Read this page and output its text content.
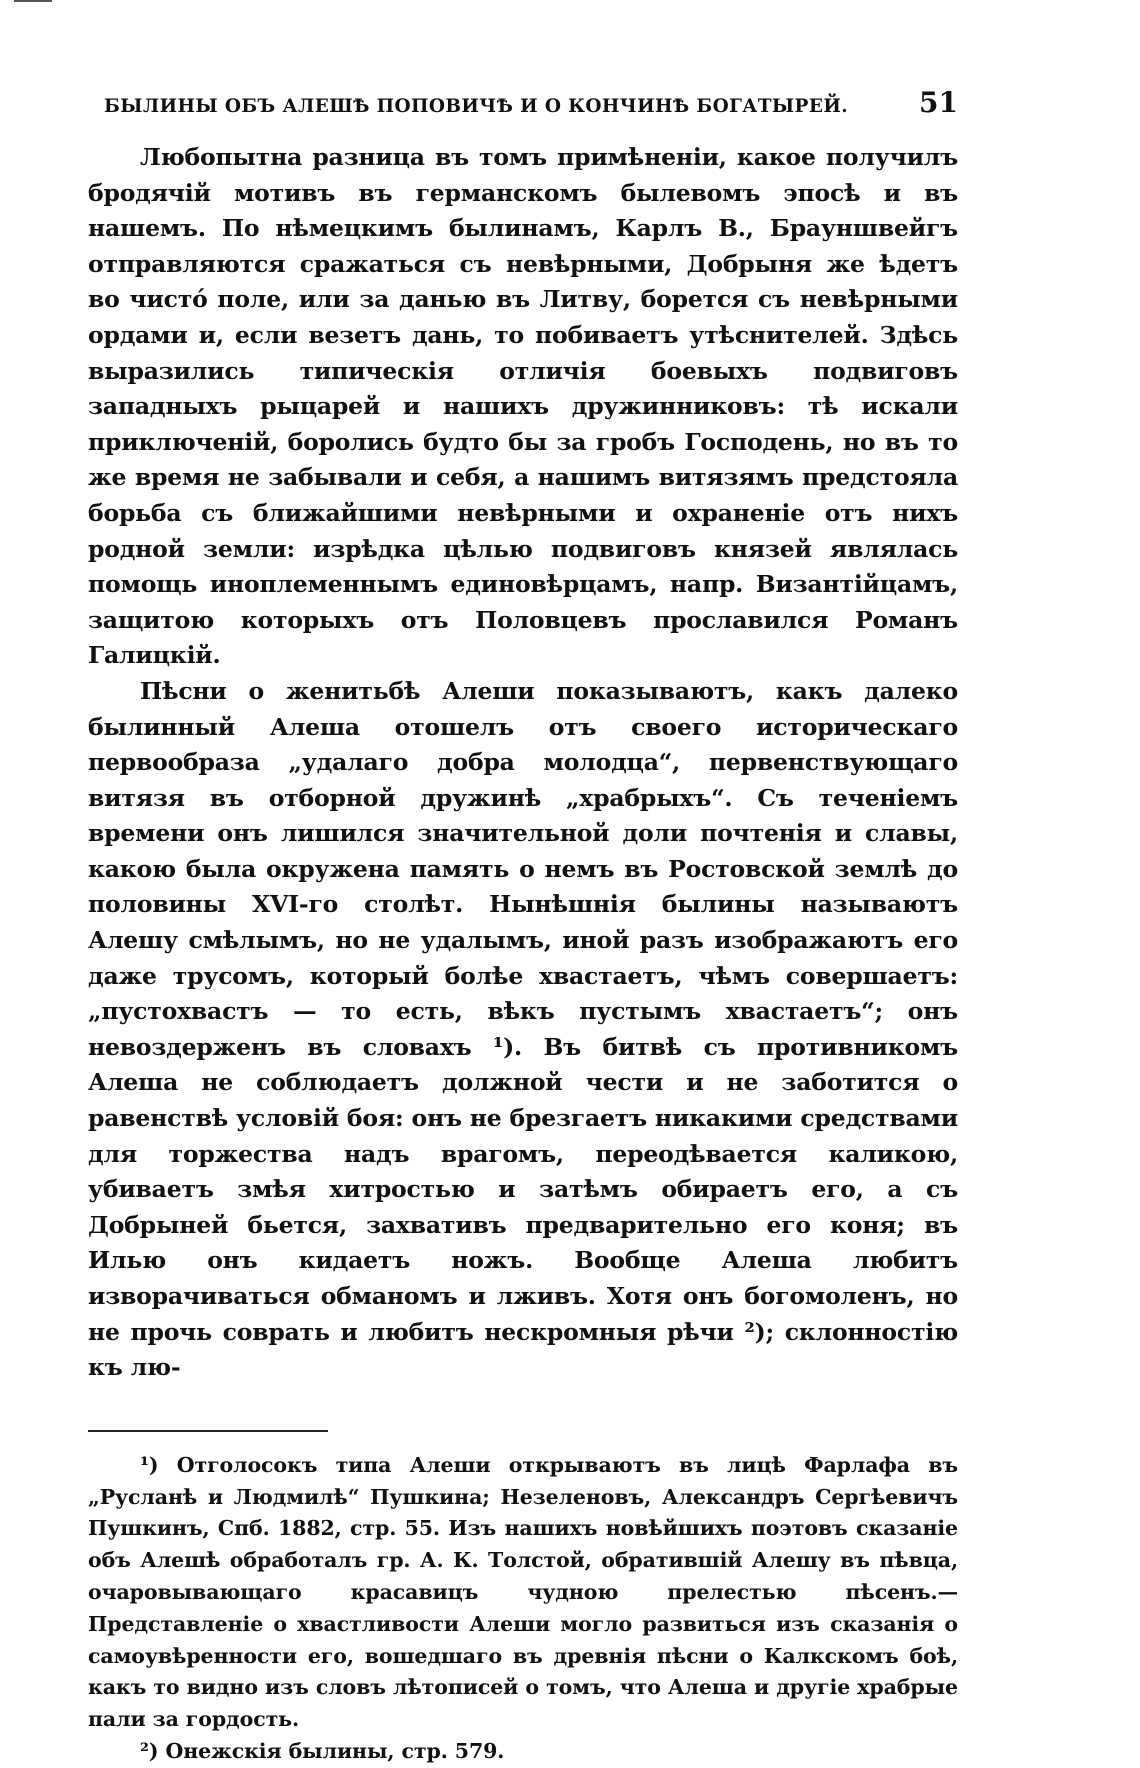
БЫЛИНЫ ОБЪ АЛЕШѢ ПОПОВИЧѢ И О КОНЧИНѢ БОГАТЫРЕЙ.	51

Любопытна разница въ томъ примѣненіи, какое получилъ бродячій мотивъ въ германскомъ былевомъ эпосѣ и въ нашемъ. По нѣмецкимъ былинамъ, Карлъ В., Брауншвейгъ отправляются сражаться съ невѣрными, Добрыня же ѣдетъ во чистó поле, или за данью въ Литву, борется съ невѣрными ордами и, если везетъ дань, то побиваетъ утѣснителей. Здѣсь выразились типическія отличія боевыхъ подвиговъ западныхъ рыцарей и нашихъ дружинниковъ: тѣ искали приключеній, боролись будто бы за гробъ Господень, но въ то же время не забывали и себя, а нашимъ витязямъ предстояла борьба съ ближайшими невѣрными и охраненіе отъ нихъ родной земли: изрѣдка цѣлью подвиговъ князей являлась помощь иноплеменнымъ единовѣрцамъ, напр. Византійцамъ, защитою которыхъ отъ Половцевъ прославился Романъ Галицкій.

Пѣсни о женитьбѣ Алеши показываютъ, какъ далеко былинный Алеша отошелъ отъ своего историческаго первообраза „удалаго добра молодца“, первенствующаго витязя въ отборной дружинѣ „храбрыхъ“. Съ теченіемъ времени онъ лишился значительной доли почтенія и славы, какою была окружена память о немъ въ Ростовской землѣ до половины XVI-го столѣт. Нынѣшнія былины называютъ Алешу смѣлымъ, но не удалымъ, иной разъ изображаютъ его даже трусомъ, который болѣе хвастаетъ, чѣмъ совершаетъ: „пустохвастъ — то есть, вѣкъ пустымъ хвастаетъ“; онъ невоздерженъ въ словахъ ¹). Въ битвѣ съ противникомъ Алеша не соблюдаетъ должной чести и не заботится о равенствѣ условій боя: онъ не брезгаетъ никакими средствами для торжества надъ врагомъ, переодѣвается каликою, убиваетъ змѣя хитростью и затѣмъ обираетъ его, а съ Добрыней бьется, захвативъ предварительно его коня; въ Илью онъ кидаетъ ножъ. Вообще Алеша любитъ изворачиваться обманомъ и лживъ. Хотя онъ богомоленъ, но не прочь соврать и любитъ нескромныя рѣчи ²); склонностію къ лю-

¹) Отголосокъ типа Алеши открываютъ въ лицѣ Фарлафа въ „Русланѣ и Людмилѣ“ Пушкина; Незеленовъ, Александръ Сергѣевичъ Пушкинъ, Спб. 1882, стр. 55. Изъ нашихъ новѣйшихъ поэтовъ сказаніе объ Алешѣ обработалъ гр. А. К. Толстой, обратившій Алешу въ пѣвца, очаровывающаго красавицъ чудною прелестью пѣсенъ.—Представленіе о хвастливости Алеши могло развиться изъ сказанія о самоувѣренности его, вошедшаго въ древнія пѣсни о Калкскомъ боѣ, какъ то видно изъ словъ лѣтописей о томъ, что Алеша и другіе храбрые пали за гордость.

²) Онежскія былины, стр. 579.
